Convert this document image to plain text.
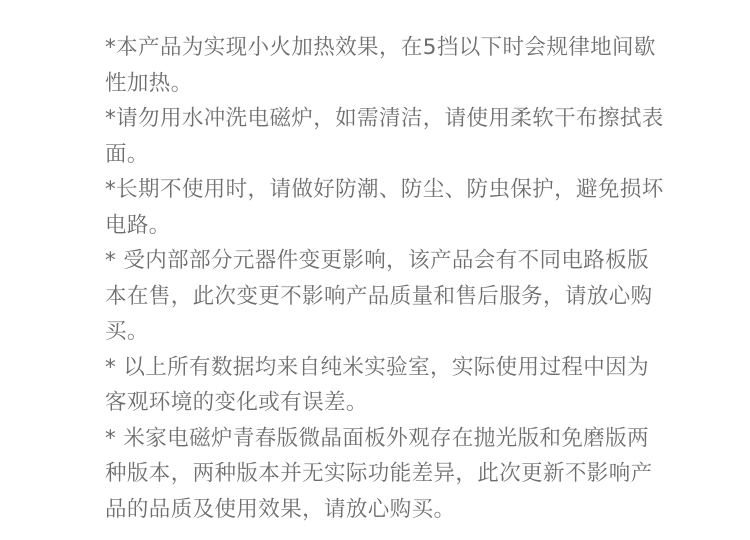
*本产品为实现小火加热效果，在5挡以下时会规律地间歇性加热。

*请勿用水冲洗电磁炉，如需清洁，请使用柔软干布擦拭表面。

*长期不使用时，请做好防潮、防尘、防虫保护，避免损坏电路。

* 受内部部分元器件变更影响，该产品会有不同电路板版本在售，此次变更不影响产品质量和售后服务，请放心购买。

* 以上所有数据均来自纯米实验室，实际使用过程中因为客观环境的变化或有误差。

* 米家电磁炉青春版微晶面板外观存在抛光版和免磨版两种版本，两种版本并无实际功能差异，此次更新不影响产品的品质及使用效果，请放心购买。
